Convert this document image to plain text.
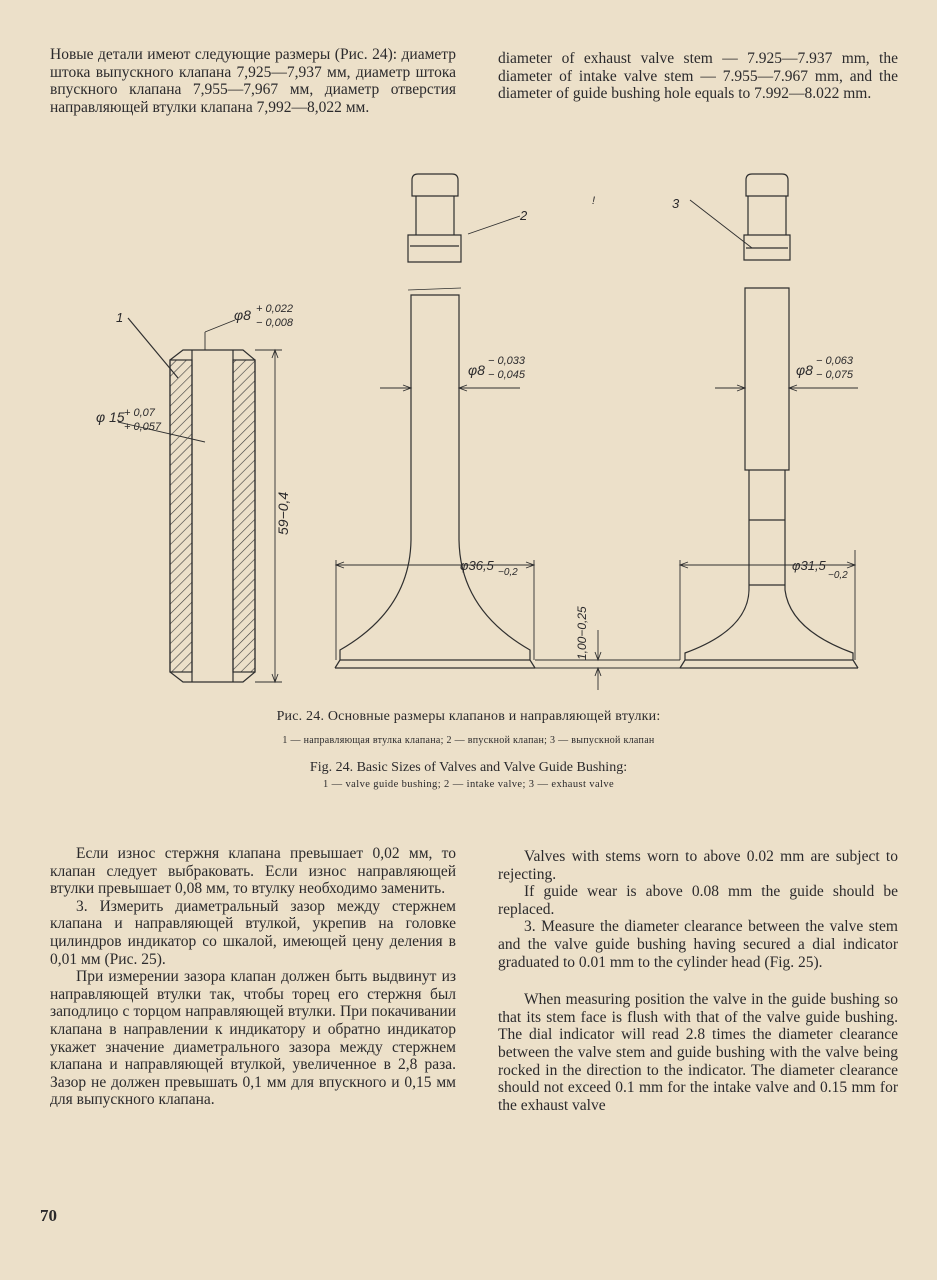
Новые детали имеют следующие размеры (Рис. 24): диаметр штока выпускного клапана 7,925—7,937 мм, диаметр штока впускного клапана 7,955—7,967 мм, диаметр отверстия направляющей втулки клапана 7,992—8,022 мм.

diameter of exhaust valve stem — 7.925—7.937 mm, the diameter of intake valve stem — 7.955—7.967 mm, and the diameter of guide bushing hole equals to 7.992—8.022 mm.

1
2
3
!
φ8 + 0,022
− 0,008
φ 15 + 0,07
+ 0,057
59−0,4
φ8
− 0,033
− 0,045	φ8
− 0,063
− 0,075
φ36,5 −0,2	φ31,5
−0,2
1,00−0,25
Рис. 24. Основные размеры клапанов и направляющей втулки:
1 — направляющая втулка клапана; 2 — впускной клапан; 3 — выпускной клапан
Fig. 24. Basic Sizes of Valves and Valve Guide Bushing:
1 — valve guide bushing; 2 — intake valve; 3 — exhaust valve

Если износ стержня клапана превышает 0,02 мм, то клапан следует выбраковать. Если износ направляющей втулки превышает 0,08 мм, то втулку необходимо заменить.

3. Измерить диаметральный зазор между стержнем клапана и направляющей втулкой, укрепив на головке цилиндров индикатор со шкалой, имеющей цену деления в 0,01 мм (Рис. 25).

При измерении зазора клапан должен быть выдвинут из направляющей втулки так, чтобы торец его стержня был заподлицо с торцом направляющей втулки. При покачивании клапана в направлении к индикатору и обратно индикатор укажет значение диаметрального зазора между стержнем клапана и направляющей втулкой, увеличенное в 2,8 раза. Зазор не должен превышать 0,1 мм для впускного и 0,15 мм для выпускного клапана.

Valves with stems worn to above 0.02 mm are subject to rejecting.

If guide wear is above 0.08 mm the guide should be replaced.

3. Measure the diameter clearance between the valve stem and the valve guide bushing having secured a dial indicator graduated to 0.01 mm to the cylinder head (Fig. 25).

When measuring position the valve in the guide bushing so that its stem face is flush with that of the valve guide bushing. The dial indicator will read 2.8 times the diameter clearance between the valve stem and guide bushing with the valve being rocked in the direction to the indicator. The diameter clearance should not exceed 0.1 mm for the intake valve and 0.15 mm for the exhaust valve

70
